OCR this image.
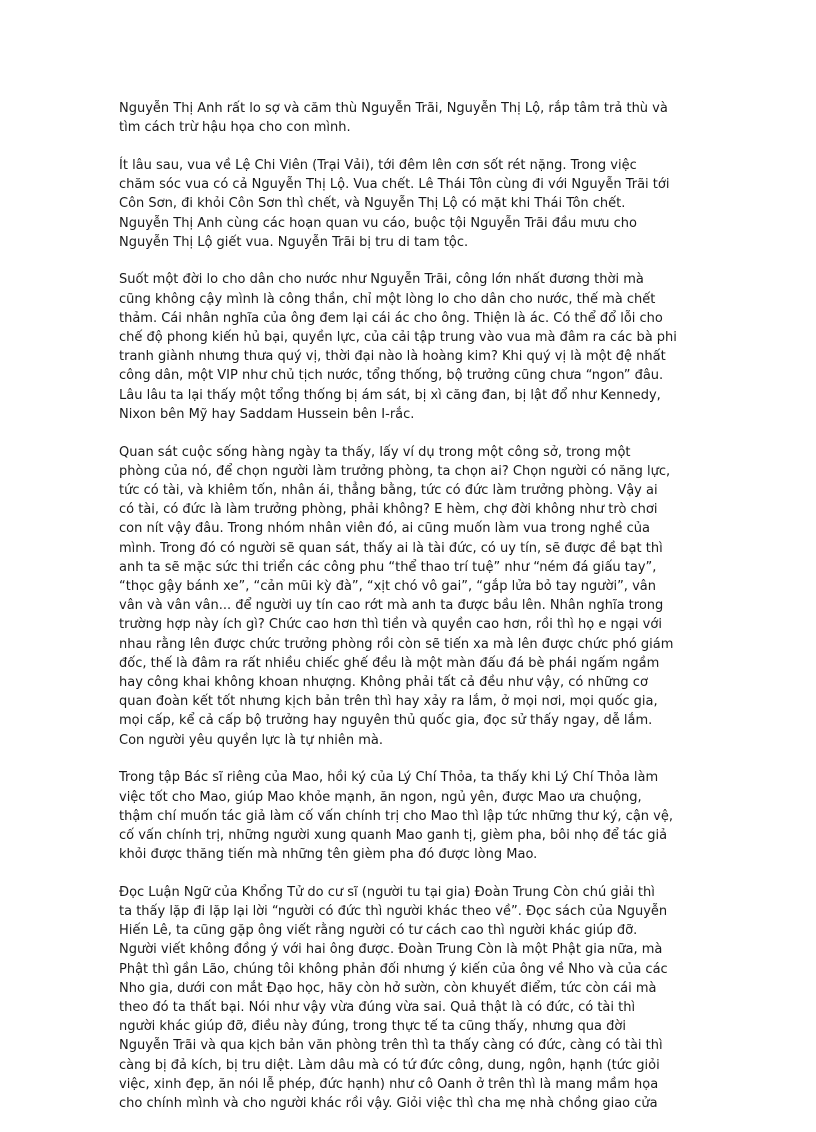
Nguyễn Thị Anh rất lo sợ và căm thù Nguyễn Trãi, Nguyễn Thị Lộ, rắp tâm trả thù và
tìm cách trừ hậu họa cho con mình.
Ít lâu sau, vua về Lệ Chi Viên (Trại Vải), tới đêm lên cơn sốt rét nặng. Trong việc
chăm sóc vua có cả Nguyễn Thị Lộ. Vua chết. Lê Thái Tôn cùng đi với Nguyễn Trãi tới
Côn Sơn, đi khỏi Côn Sơn thì chết, và Nguyễn Thị Lộ có mặt khi Thái Tôn chết.
Nguyễn Thị Anh cùng các hoạn quan vu cáo, buộc tội Nguyễn Trãi đầu mưu cho
Nguyễn Thị Lộ giết vua. Nguyễn Trãi bị tru di tam tộc.
Suốt một đời lo cho dân cho nước như Nguyễn Trãi, công lớn nhất đương thời mà
cũng không cậy mình là công thần, chỉ một lòng lo cho dân cho nước, thế mà chết
thảm. Cái nhân nghĩa của ông đem lại cái ác cho ông. Thiện là ác. Có thể đổ lỗi cho
chế độ phong kiến hủ bại, quyền lực, của cải tập trung vào vua mà đâm ra các bà phi
tranh giành nhưng thưa quý vị, thời đại nào là hoàng kim? Khi quý vị là một đệ nhất
công dân, một VIP như chủ tịch nước, tổng thống, bộ trưởng cũng chưa “ngon” đâu.
Lâu lâu ta lại thấy một tổng thống bị ám sát, bị xì căng đan, bị lật đổ như Kennedy,
Nixon bên Mỹ hay Saddam Hussein bên I-rắc.
Quan sát cuộc sống hàng ngày ta thấy, lấy ví dụ trong một công sở, trong một
phòng của nó, để chọn người làm trưởng phòng, ta chọn ai? Chọn người có năng lực,
tức có tài, và khiêm tốn, nhân ái, thẳng bằng, tức có đức làm trưởng phòng. Vậy ai
có tài, có đức là làm trưởng phòng, phải không? E hèm, chợ đời không như trò chơi
con nít vậy đâu. Trong nhóm nhân viên đó, ai cũng muốn làm vua trong nghề của
mình. Trong đó có người sẽ quan sát, thấy ai là tài đức, có uy tín, sẽ được đề bạt thì
anh ta sẽ mặc sức thi triển các công phu “thể thao trí tuệ” như “ném đá giấu tay”,
“thọc gậy bánh xe”, “cản mũi kỳ đà”, “xịt chó vô gai”, “gắp lửa bỏ tay người”, vân
vân và vân vân... để người uy tín cao rớt mà anh ta được bầu lên. Nhân nghĩa trong
trường hợp này ích gì? Chức cao hơn thì tiền và quyền cao hơn, rồi thì họ e ngại với
nhau rằng lên được chức trưởng phòng rồi còn sẽ tiến xa mà lên được chức phó giám
đốc, thế là đâm ra rất nhiều chiếc ghế đều là một màn đấu đá bè phái ngấm ngầm
hay công khai không khoan nhượng. Không phải tất cả đều như vậy, có những cơ
quan đoàn kết tốt nhưng kịch bản trên thì hay xảy ra lắm, ở mọi nơi, mọi quốc gia,
mọi cấp, kể cả cấp bộ trưởng hay nguyên thủ quốc gia, đọc sử thấy ngay, dễ lắm.
Con người yêu quyền lực là tự nhiên mà.
Trong tập Bác sĩ riêng của Mao, hồi ký của Lý Chí Thỏa, ta thấy khi Lý Chí Thỏa làm
việc tốt cho Mao, giúp Mao khỏe mạnh, ăn ngon, ngủ yên, được Mao ưa chuộng,
thậm chí muốn tác giả làm cố vấn chính trị cho Mao thì lập tức những thư ký, cận vệ,
cố vấn chính trị, những người xung quanh Mao ganh tị, gièm pha, bôi nhọ để tác giả
khỏi được thăng tiến mà những tên gièm pha đó được lòng Mao.
Đọc Luận Ngữ của Khổng Tử do cư sĩ (người tu tại gia) Đoàn Trung Còn chú giải thì
ta thấy lặp đi lặp lại lời “người có đức thì người khác theo về”. Đọc sách của Nguyễn
Hiến Lê, ta cũng gặp ông viết rằng người có tư cách cao thì người khác giúp đỡ.
Người viết không đồng ý với hai ông được. Đoàn Trung Còn là một Phật gia nữa, mà
Phật thì gần Lão, chúng tôi không phản đối nhưng ý kiến của ông về Nho và của các
Nho gia, dưới con mắt Đạo học, hãy còn hở sườn, còn khuyết điểm, tức còn cái mà
theo đó ta thất bại. Nói như vậy vừa đúng vừa sai. Quả thật là có đức, có tài thì
người khác giúp đỡ, điều này đúng, trong thực tế ta cũng thấy, nhưng qua đời
Nguyễn Trãi và qua kịch bản văn phòng trên thì ta thấy càng có đức, càng có tài thì
càng bị đả kích, bị tru diệt. Làm dâu mà có tứ đức công, dung, ngôn, hạnh (tức giỏi
việc, xinh đẹp, ăn nói lễ phép, đức hạnh) như cô Oanh ở trên thì là mang mầm họa
cho chính mình và cho người khác rồi vậy. Giỏi việc thì cha mẹ nhà chồng giao cửa
